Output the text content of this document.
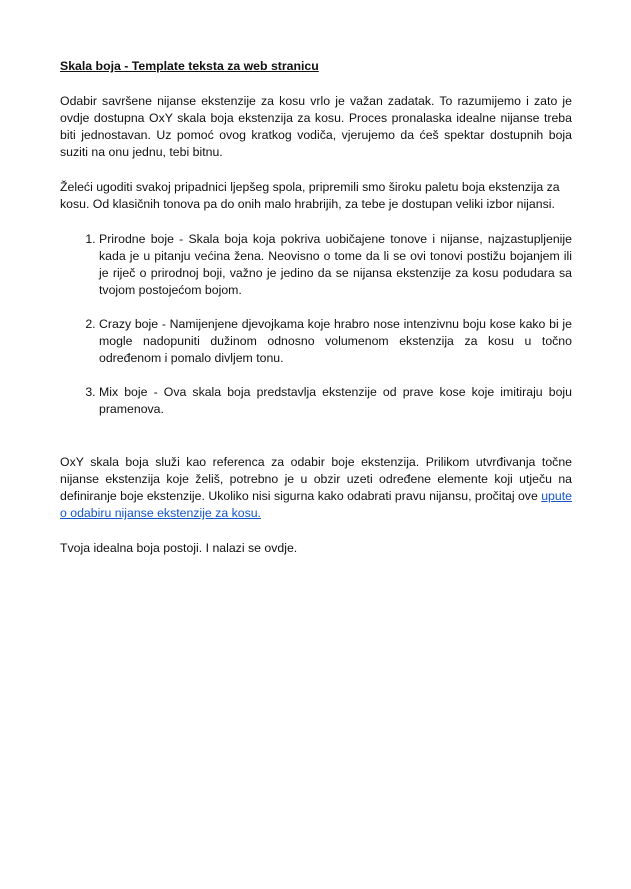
Skala boja - Template teksta za web stranicu

Odabir savršene nijanse ekstenzije za kosu vrlo je važan zadatak. To razumijemo i zato je ovdje dostupna OxY skala boja ekstenzija za kosu. Proces pronalaska idealne nijanse treba biti jednostavan. Uz pomoć ovog kratkog vodiča, vjerujemo da ćeš spektar dostupnih boja suziti na onu jednu, tebi bitnu.

Želeći ugoditi svakoj pripadnici ljepšeg spola, pripremili smo široku paletu boja ekstenzija za kosu. Od klasičnih tonova pa do onih malo hrabrijih, za tebe je dostupan veliki izbor nijansi.

1. Prirodne boje - Skala boja koja pokriva uobičajene tonove i nijanse, najzastupljenije kada je u pitanju većina žena. Neovisno o tome da li se ovi tonovi postižu bojanjem ili je riječ o prirodnoj boji, važno je jedino da se nijansa ekstenzije za kosu podudara sa tvojom postojećom bojom.
2. Crazy boje - Namijenjene djevojkama koje hrabro nose intenzivnu boju kose kako bi je mogle nadopuniti dužinom odnosno volumenom ekstenzija za kosu u točno određenom i pomalo divljem tonu.
3. Mix boje - Ova skala boja predstavlja ekstenzije od prave kose koje imitiraju boju pramenova.

OxY skala boja služi kao referenca za odabir boje ekstenzija. Prilikom utvrđivanja točne nijanse ekstenzija koje želiš, potrebno je u obzir uzeti određene elemente koji utječu na definiranje boje ekstenzije. Ukoliko nisi sigurna kako odabrati pravu nijansu, pročitaj ove upute o odabiru nijanse ekstenzije za kosu.

Tvoja idealna boja postoji. I nalazi se ovdje.
